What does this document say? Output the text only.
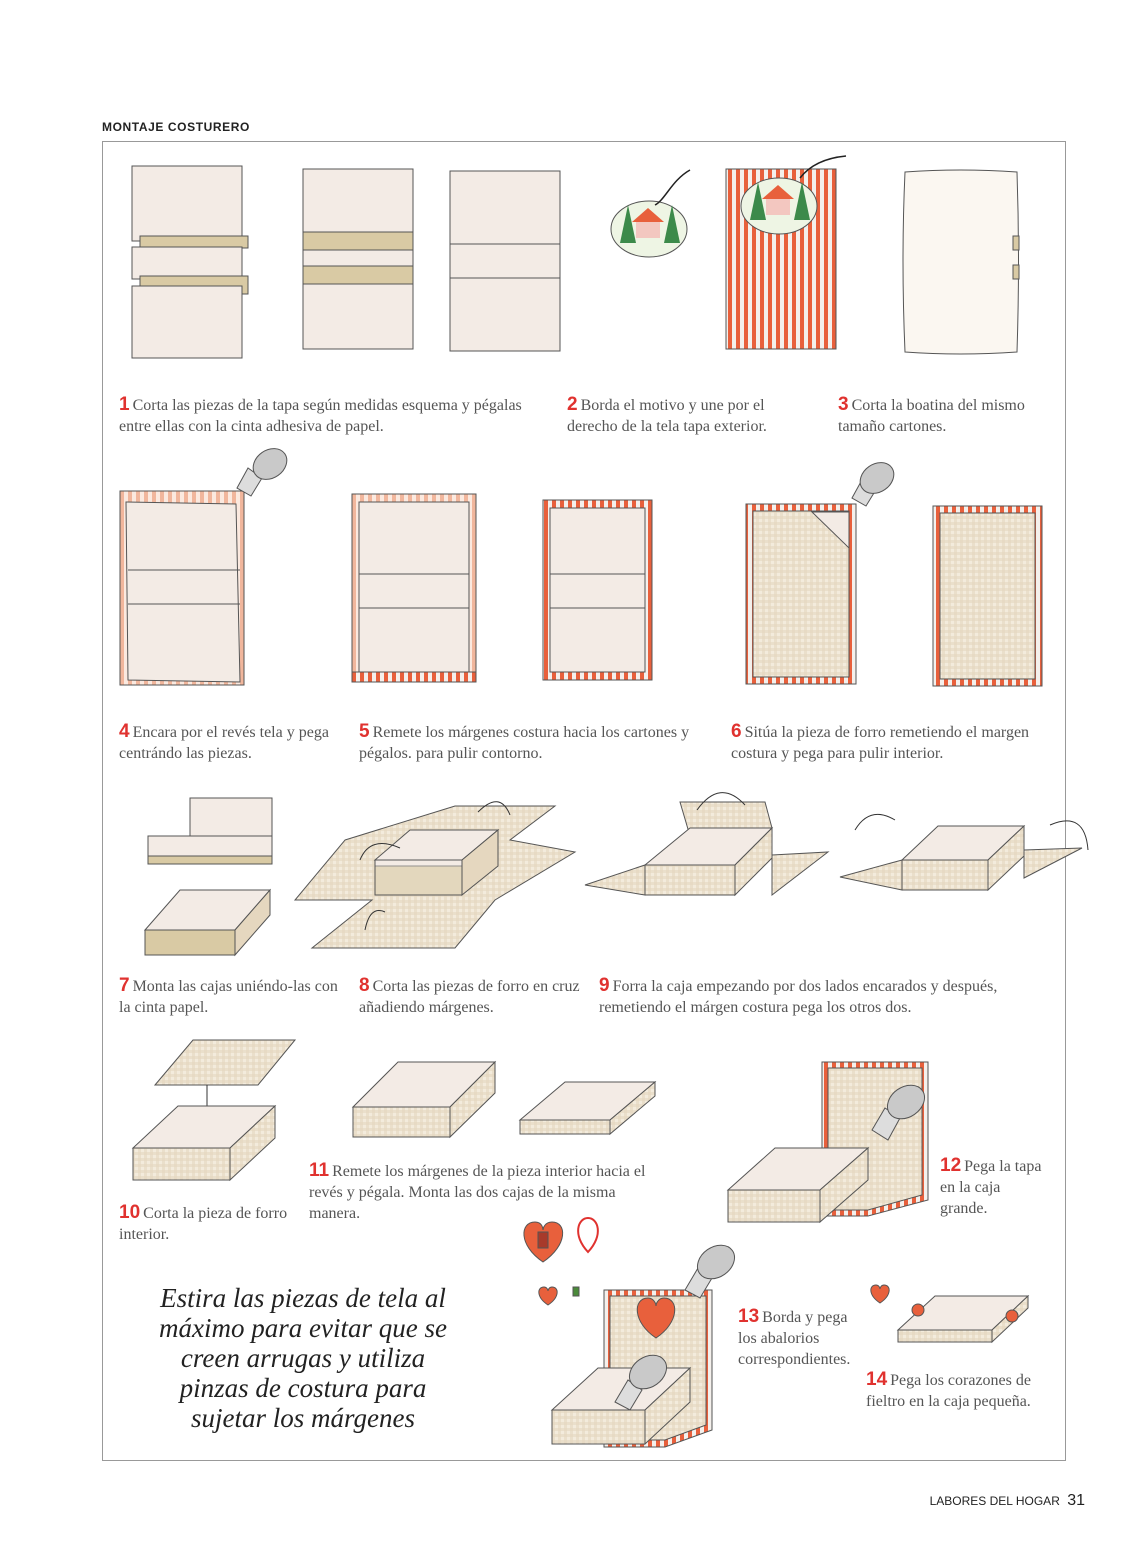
MONTAJE COSTURERO
1 Corta las piezas de la tapa según medidas esquema y pégalas entre ellas con la cinta adhesiva de papel.
2 Borda el motivo y une por el derecho de la tela tapa exterior.
3 Corta la boatina del mismo tamaño cartones.
4 Encara por el revés tela y pega centrándo las piezas.
5 Remete los márgenes costura hacia los cartones y pégalos. para pulir contorno.
6 Sitúa la pieza de forro remetiendo el margen costura y pega para pulir interior.
7 Monta las cajas uniéndo-las con la cinta papel.
8 Corta las piezas de forro en cruz añadiendo márgenes.
9 Forra la caja empezando por dos lados encarados y después, remetiendo el márgen costura pega los otros dos.
10 Corta la pieza de forro interior.
11 Remete los márgenes de la pieza interior hacia el revés y pégala. Monta las dos cajas de la misma manera.
12 Pega la tapa en la caja grande.
13 Borda y pega los abalorios correspondientes.
14 Pega los corazones de fieltro en la caja pequeña.
Estira las piezas de tela al máximo para evitar que se creen arrugas y utiliza pinzas de costura para sujetar los márgenes
LABORES DEL HOGAR 31
